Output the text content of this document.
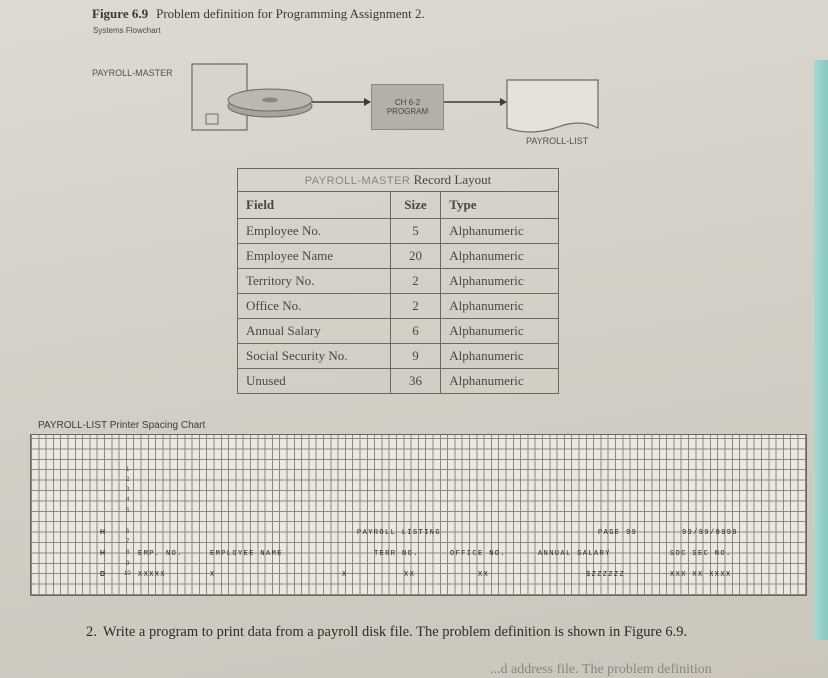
Figure 6.9 Problem definition for Programming Assignment 2.
Systems Flowchart
PAYROLL-MASTER
CH 6-2
PROGRAM
PAYROLL-LIST
PAYROLL-MASTER Record Layout		
Field	Size	Type
Employee No.	5	Alphanumeric
Employee Name	20	Alphanumeric
Territory No.	2	Alphanumeric
Office No.	2	Alphanumeric
Annual Salary	6	Alphanumeric
Social Security No.	9	Alphanumeric
Unused	36	Alphanumeric
PAYROLL-LIST Printer Spacing Chart
1
2
3
4
5
6
7
8
9
10
H
H
D
PAYROLL LISTING	PAGE 99	99/99/9999
EMP. NO.	EMPLOYEE NAME	TERR NO.	OFFICE NO.	ANNUAL SALARY	SOC SEC NO.
XXXXX	X	X	XX	XX	$ZZZZZZ	XXX XX XXXX
2. Write a program to print data from a payroll disk file. The problem definition is shown in Figure 6.9.
...d address file. The problem definition
